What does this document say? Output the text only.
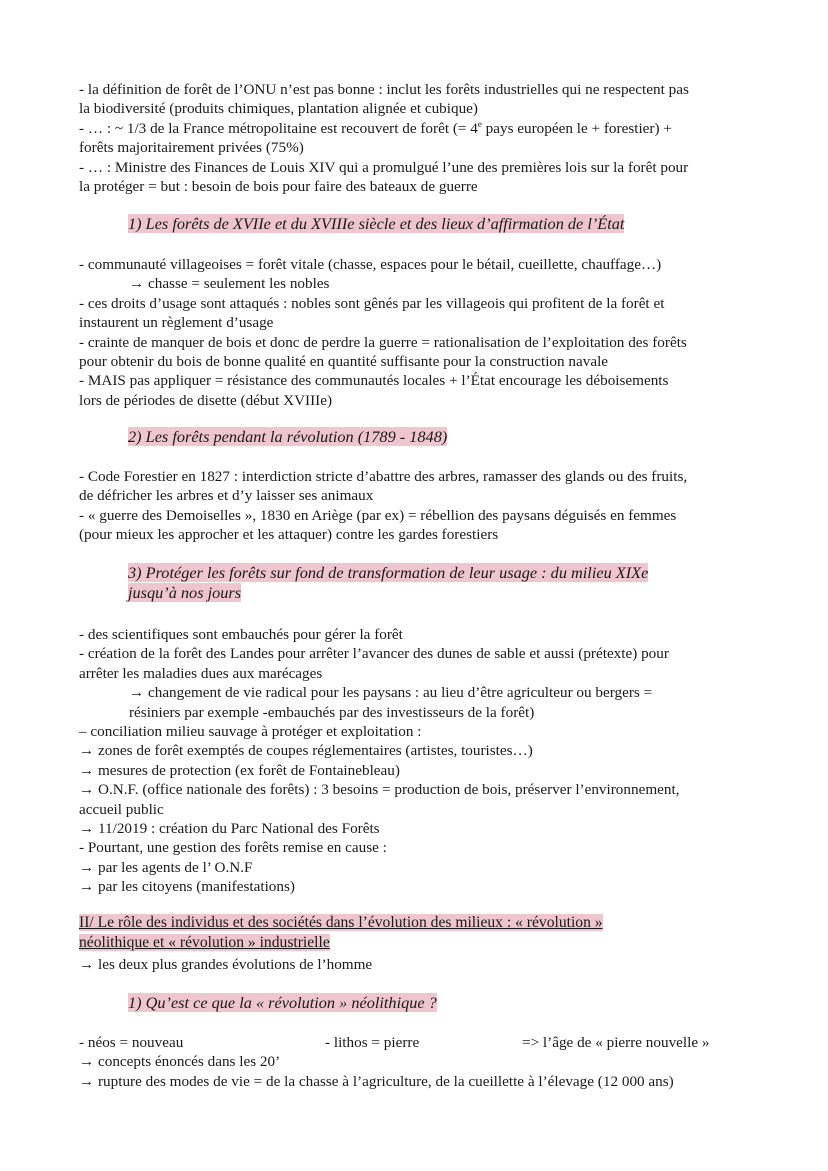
- la définition de forêt de l’ONU n’est pas bonne : inclut les forêts industrielles qui ne respectent pas
la biodiversité (produits chimiques, plantation alignée et cubique)
- … : ~ 1/3 de la France métropolitaine est recouvert de forêt (= $4^e$ pays européen le + forestier) +
forêts majoritairement privées (75%)
- … : Ministre des Finances de Louis XIV qui a promulgué l’une des premières lois sur la forêt pour
la protéger = but : besoin de bois pour faire des bateaux de guerre
1) Les forêts de XVIIe et du XVIIIe siècle et des lieux d’affirmation de l’État
- communauté villageoises = forêt vitale (chasse, espaces pour le bétail, cueillette, chauffage…)
→ chasse = seulement les nobles
- ces droits d’usage sont attaqués : nobles sont gênés par les villageois qui profitent de la forêt et
instaurent un règlement d’usage
- crainte de manquer de bois et donc de perdre la guerre = rationalisation de l’exploitation des forêts
pour obtenir du bois de bonne qualité en quantité suffisante pour la construction navale
- MAIS pas appliquer = résistance des communautés locales + l’État encourage les déboisements
lors de périodes de disette (début XVIIIe)
2) Les forêts pendant la révolution (1789 - 1848)
- Code Forestier en 1827 : interdiction stricte d’abattre des arbres, ramasser des glands ou des fruits,
de défricher les arbres et d’y laisser ses animaux
- « guerre des Demoiselles », 1830 en Ariège (par ex) = rébellion des paysans déguisés en femmes
(pour mieux les approcher et les attaquer) contre les gardes forestiers
3) Protéger les forêts sur fond de transformation de leur usage : du milieu XIXe
jusqu’à nos jours
- des scientifiques sont embauchés pour gérer la forêt
- création de la forêt des Landes pour arrêter l’avancer des dunes de sable et aussi (prétexte) pour
arrêter les maladies dues aux marécages
→ changement de vie radical pour les paysans : au lieu d’être agriculteur ou bergers =
résiniers par exemple -embauchés par des investisseurs de la forêt)
– conciliation milieu sauvage à protéger et exploitation :
→ zones de forêt exemptés de coupes réglementaires (artistes, touristes…)
→ mesures de protection (ex forêt de Fontainebleau)
→ O.N.F. (office nationale des forêts) : 3 besoins = production de bois, préserver l’environnement,
accueil public
→ 11/2019 : création du Parc National des Forêts
- Pourtant, une gestion des forêts remise en cause :
→ par les agents de l’ O.N.F
→ par les citoyens (manifestations)
II/ Le rôle des individus et des sociétés dans l’évolution des milieux : « révolution »
néolithique et « révolution » industrielle
→ les deux plus grandes évolutions de l’homme
1) Qu’est ce que la « révolution » néolithique ?
- néos = nouveau	- lithos = pierre	=> l’âge de « pierre nouvelle »
→ concepts énoncés dans les 20’
→ rupture des modes de vie = de la chasse à l’agriculture, de la cueillette à l’élevage (12 000 ans)
